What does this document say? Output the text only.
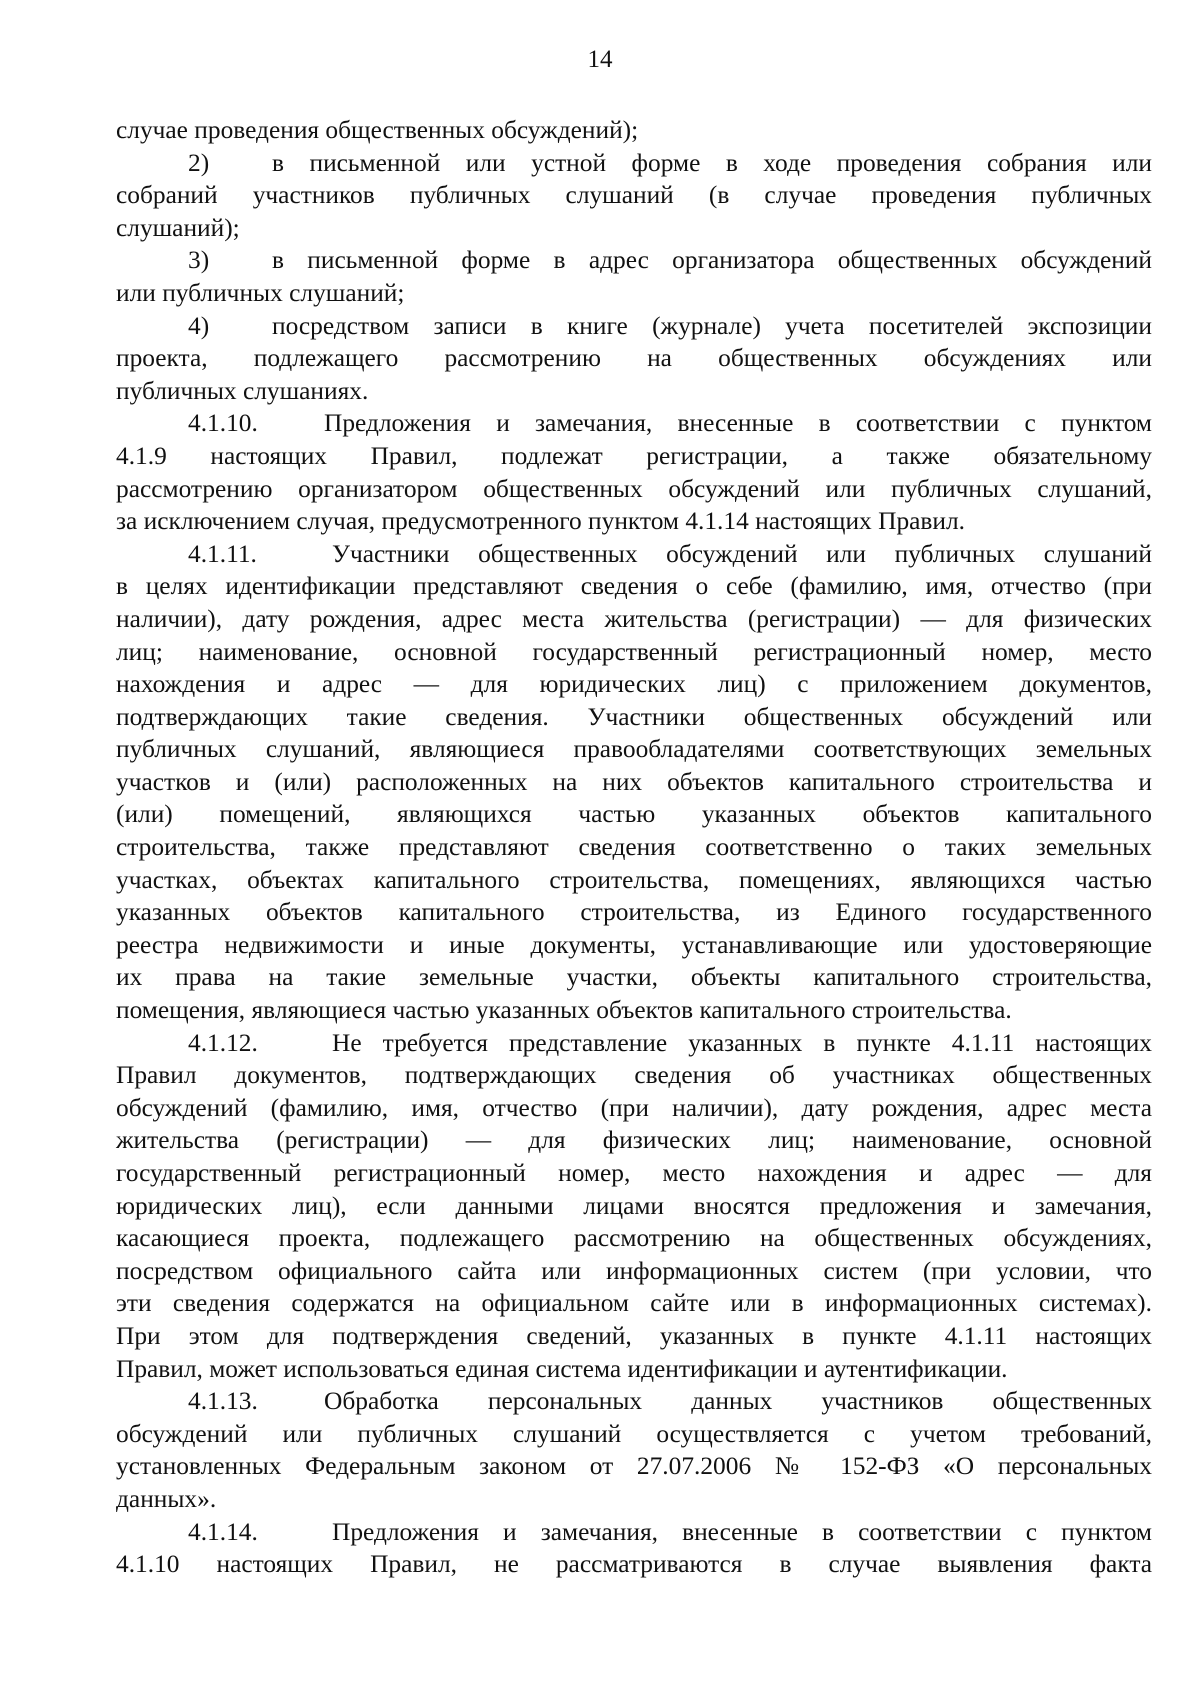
14
случае проведения общественных обсуждений);
2) в письменной или устной форме в ходе проведения собрания или
собраний участников публичных слушаний (в случае проведения публичных
слушаний);
3) в письменной форме в адрес организатора общественных обсуждений
или публичных слушаний;
4) посредством записи в книге (журнале) учета посетителей экспозиции
проекта, подлежащего рассмотрению на общественных обсуждениях или
публичных слушаниях.
4.1.10.	Предложения и замечания, внесенные в соответствии с пунктом
4.1.9 настоящих Правил, подлежат регистрации, а также обязательному
рассмотрению организатором общественных обсуждений или публичных слушаний,
за исключением случая, предусмотренного пунктом 4.1.14 настоящих Правил.
4.1.11.	Участники общественных обсуждений или публичных слушаний
в целях идентификации представляют сведения о себе (фамилию, имя, отчество (при
наличии), дату рождения, адрес места жительства (регистрации) — для физических
лиц; наименование, основной государственный регистрационный номер, место
нахождения и адрес — для юридических лиц) с приложением документов,
подтверждающих такие сведения. Участники общественных обсуждений или
публичных слушаний, являющиеся правообладателями соответствующих земельных
участков и (или) расположенных на них объектов капитального строительства и
(или) помещений, являющихся частью указанных объектов капитального
строительства, также представляют сведения соответственно о таких земельных
участках, объектах капитального строительства, помещениях, являющихся частью
указанных объектов капитального строительства, из Единого государственного
реестра недвижимости и иные документы, устанавливающие или удостоверяющие
их права на такие земельные участки, объекты капитального строительства,
помещения, являющиеся частью указанных объектов капитального строительства.
4.1.12.	Не требуется представление указанных в пункте 4.1.11 настоящих
Правил документов, подтверждающих сведения об участниках общественных
обсуждений (фамилию, имя, отчество (при наличии), дату рождения, адрес места
жительства (регистрации) — для физических лиц; наименование, основной
государственный регистрационный номер, место нахождения и адрес — для
юридических лиц), если данными лицами вносятся предложения и замечания,
касающиеся проекта, подлежащего рассмотрению на общественных обсуждениях,
посредством официального сайта или информационных систем (при условии, что
эти сведения содержатся на официальном сайте или в информационных системах).
При этом для подтверждения сведений, указанных в пункте 4.1.11 настоящих
Правил, может использоваться единая система идентификации и аутентификации.
4.1.13.	Обработка персональных данных участников общественных
обсуждений или публичных слушаний осуществляется с учетом требований,
установленных Федеральным законом от 27.07.2006 № 152-ФЗ «О персональных
данных».
4.1.14.	Предложения и замечания, внесенные в соответствии с пунктом
4.1.10 настоящих Правил, не рассматриваются в случае выявления факта
